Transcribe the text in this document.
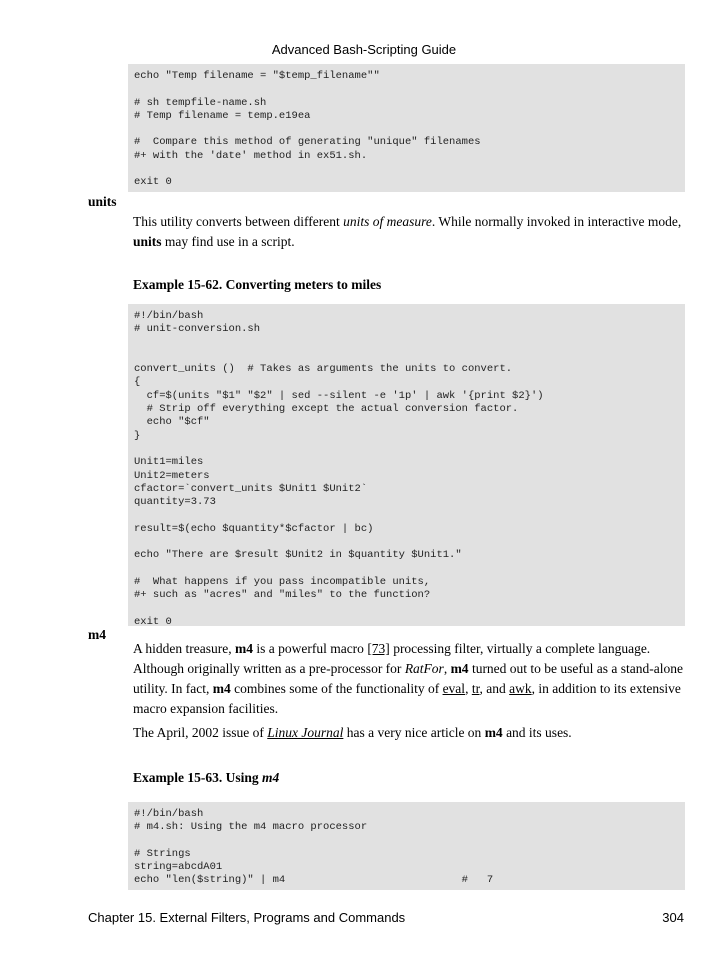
Advanced Bash-Scripting Guide
echo "Temp filename = "$temp_filename""

# sh tempfile-name.sh
# Temp filename = temp.e19ea

#  Compare this method of generating "unique" filenames
#+ with the 'date' method in ex51.sh.

exit 0
units
This utility converts between different units of measure. While normally invoked in interactive mode,
units may find use in a script.
Example 15-62. Converting meters to miles
#!/bin/bash
# unit-conversion.sh

convert_units ()  # Takes as arguments the units to convert.
{
cf=$(units "$1" "$2" | sed --silent -e '1p' | awk '{print $2}')
# Strip off everything except the actual conversion factor.
echo "$cf"
}

Unit1=miles
Unit2=meters
cfactor=`convert_units $Unit1 $Unit2`
quantity=3.73

result=$(echo $quantity*$cfactor | bc)

echo "There are $result $Unit2 in $quantity $Unit1."

#  What happens if you pass incompatible units,
#+ such as "acres" and "miles" to the function?

exit 0
m4
A hidden treasure, m4 is a powerful macro [73] processing filter, virtually a complete language.
Although originally written as a pre-processor for RatFor, m4 turned out to be useful as a stand-alone
utility. In fact, m4 combines some of the functionality of eval, tr, and awk, in addition to its extensive
macro expansion facilities.
The April, 2002 issue of Linux Journal has a very nice article on m4 and its uses.
Example 15-63. Using m4
#!/bin/bash
# m4.sh: Using the m4 macro processor

# Strings
string=abcdA01
echo "len($string)" | m4                            #   7
Chapter 15. External Filters, Programs and Commands	304
